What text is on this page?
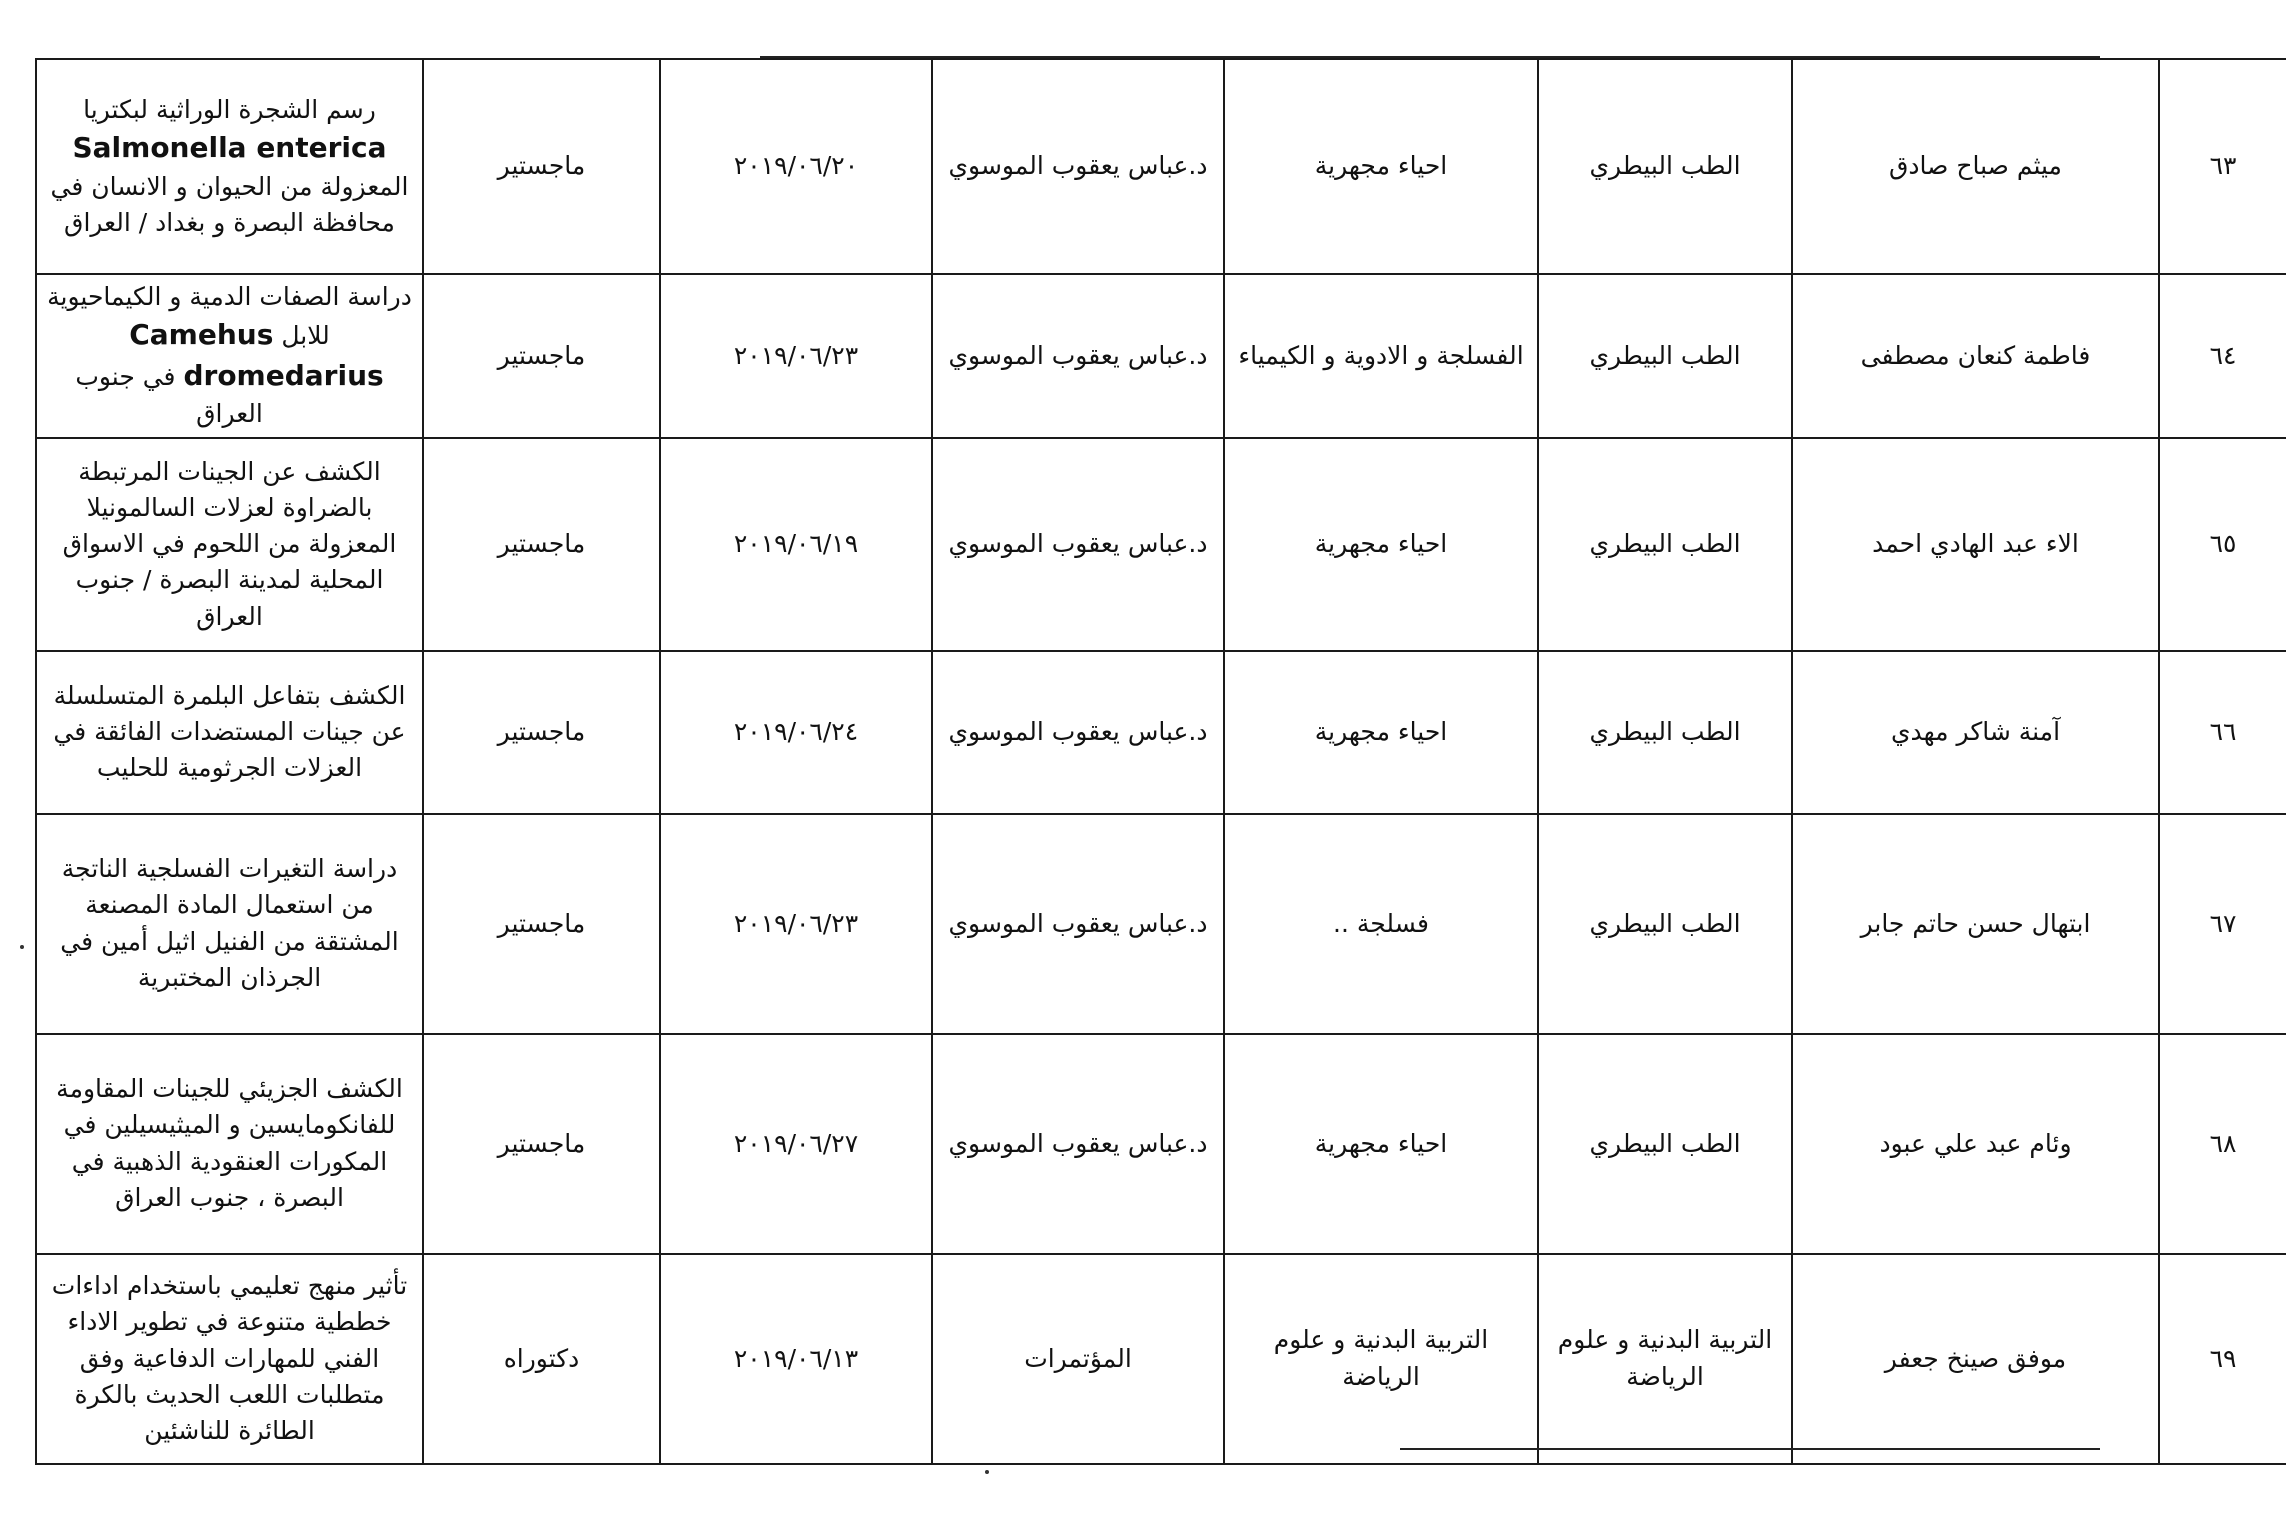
رسم الشجرة الوراثية لبكتريا
Salmonella enterica
المعزولة من الحيوان و الانسان في محافظة البصرة و بغداد / العراق	ماجستير	٢٠١٩/٠٦/٢٠	د.عباس يعقوب الموسوي	احياء مجهرية	الطب البيطري	ميثم صباح صادق	٦٣
دراسة الصفات الدمية و الكيماحيوية للابل Camehus dromedarius في جنوب العراق	ماجستير	٢٠١٩/٠٦/٢٣	د.عباس يعقوب الموسوي	الفسلجة و الادوية و الكيمياء	الطب البيطري	فاطمة كنعان مصطفى	٦٤
الكشف عن الجينات المرتبطة بالضراوة لعزلات السالمونيلا المعزولة من اللحوم في الاسواق المحلية لمدينة البصرة / جنوب العراق	ماجستير	٢٠١٩/٠٦/١٩	د.عباس يعقوب الموسوي	احياء مجهرية	الطب البيطري	الاء عبد الهادي احمد	٦٥
الكشف بتفاعل البلمرة المتسلسلة عن جينات المستضدات الفائقة في العزلات الجرثومية للحليب	ماجستير	٢٠١٩/٠٦/٢٤	د.عباس يعقوب الموسوي	احياء مجهرية	الطب البيطري	آمنة شاكر مهدي	٦٦
دراسة التغيرات الفسلجية الناتجة من استعمال المادة المصنعة المشتقة من الفنيل اثيل أمين في الجرذان المختبرية	ماجستير	٢٠١٩/٠٦/٢٣	د.عباس يعقوب الموسوي	فسلجة ..	الطب البيطري	ابتهال حسن حاتم جابر	٦٧
الكشف الجزيئي للجينات المقاومة للفانكومايسين و الميثيسيلين في المكورات العنقودية الذهبية في البصرة ، جنوب العراق	ماجستير	٢٠١٩/٠٦/٢٧	د.عباس يعقوب الموسوي	احياء مجهرية	الطب البيطري	وئام عبد علي عبود	٦٨
تأثير منهج تعليمي باستخدام اداءات خططية متنوعة في تطوير الاداء الفني للمهارات الدفاعية وفق متطلبات اللعب الحديث بالكرة الطائرة للناشئين	دكتوراه	٢٠١٩/٠٦/١٣	المؤتمرات	التربية البدنية و علوم الرياضة	التربية البدنية و علوم الرياضة	موفق صينخ جعفر	٦٩
